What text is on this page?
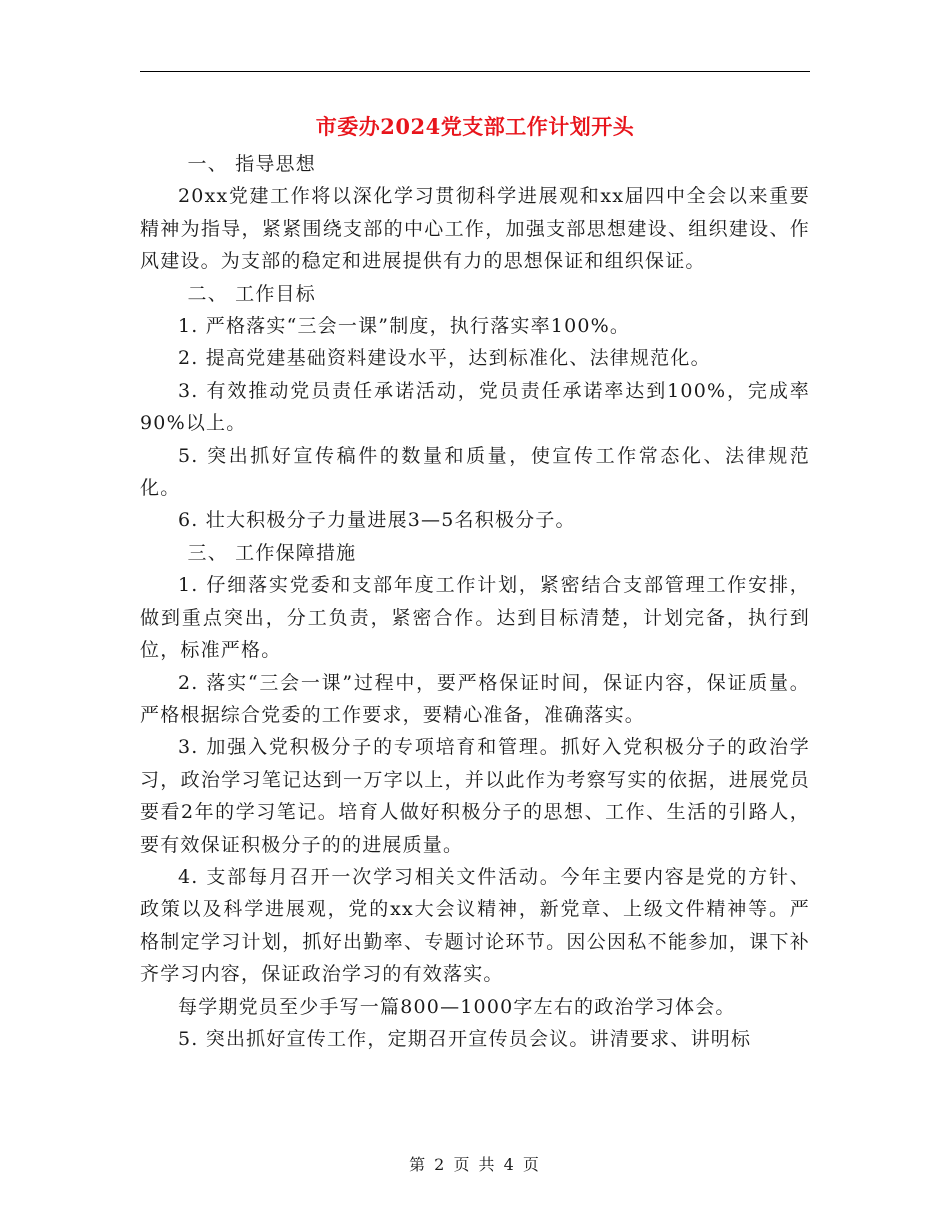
市委办2024党支部工作计划开头

一、 指导思想

20xx党建工作将以深化学习贯彻科学进展观和xx届四中全会以来重要精神为指导，紧紧围绕支部的中心工作，加强支部思想建设、组织建设、作风建设。为支部的稳定和进展提供有力的思想保证和组织保证。

二、 工作目标

1. 严格落实“三会一课”制度，执行落实率100%。

2. 提高党建基础资料建设水平，达到标准化、法律规范化。

3. 有效推动党员责任承诺活动，党员责任承诺率达到100%，完成率90%以上。

5. 突出抓好宣传稿件的数量和质量，使宣传工作常态化、法律规范化。

6. 壮大积极分子力量进展3—5名积极分子。

三、 工作保障措施

1. 仔细落实党委和支部年度工作计划，紧密结合支部管理工作安排，做到重点突出，分工负责，紧密合作。达到目标清楚，计划完备，执行到位，标准严格。

2. 落实“三会一课”过程中，要严格保证时间，保证内容，保证质量。严格根据综合党委的工作要求，要精心准备，准确落实。

3. 加强入党积极分子的专项培育和管理。抓好入党积极分子的政治学习，政治学习笔记达到一万字以上，并以此作为考察写实的依据，进展党员要看2年的学习笔记。培育人做好积极分子的思想、工作、生活的引路人，要有效保证积极分子的的进展质量。

4. 支部每月召开一次学习相关文件活动。今年主要内容是党的方针、政策以及科学进展观，党的xx大会议精神，新党章、上级文件精神等。严格制定学习计划，抓好出勤率、专题讨论环节。因公因私不能参加，课下补齐学习内容，保证政治学习的有效落实。

每学期党员至少手写一篇800—1000字左右的政治学习体会。

5. 突出抓好宣传工作，定期召开宣传员会议。讲清要求、讲明标

第 2 页 共 4 页
